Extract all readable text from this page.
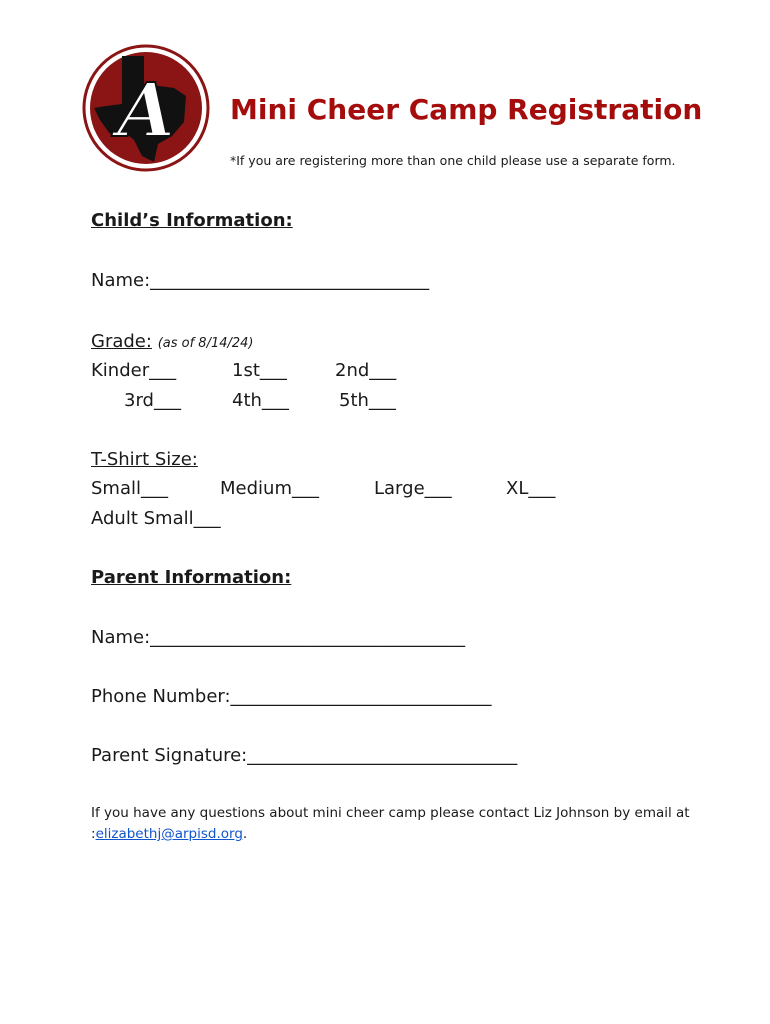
A Mini Cheer Camp Registration
*If you are registering more than one child please use a separate form.
Child’s Information:
Name:_______________________________
Grade: (as of 8/14/24)
Kinder___	1st___	2nd___
3rd___	4th___	5th___
T-Shirt Size:
Small___	Medium___	Large___	XL___
Adult Small___
Parent Information:
Name:___________________________________
Phone Number:_____________________________
Parent Signature:______________________________
If you have any questions about mini cheer camp please contact Liz Johnson by email at :elizabethj@arpisd.org.
